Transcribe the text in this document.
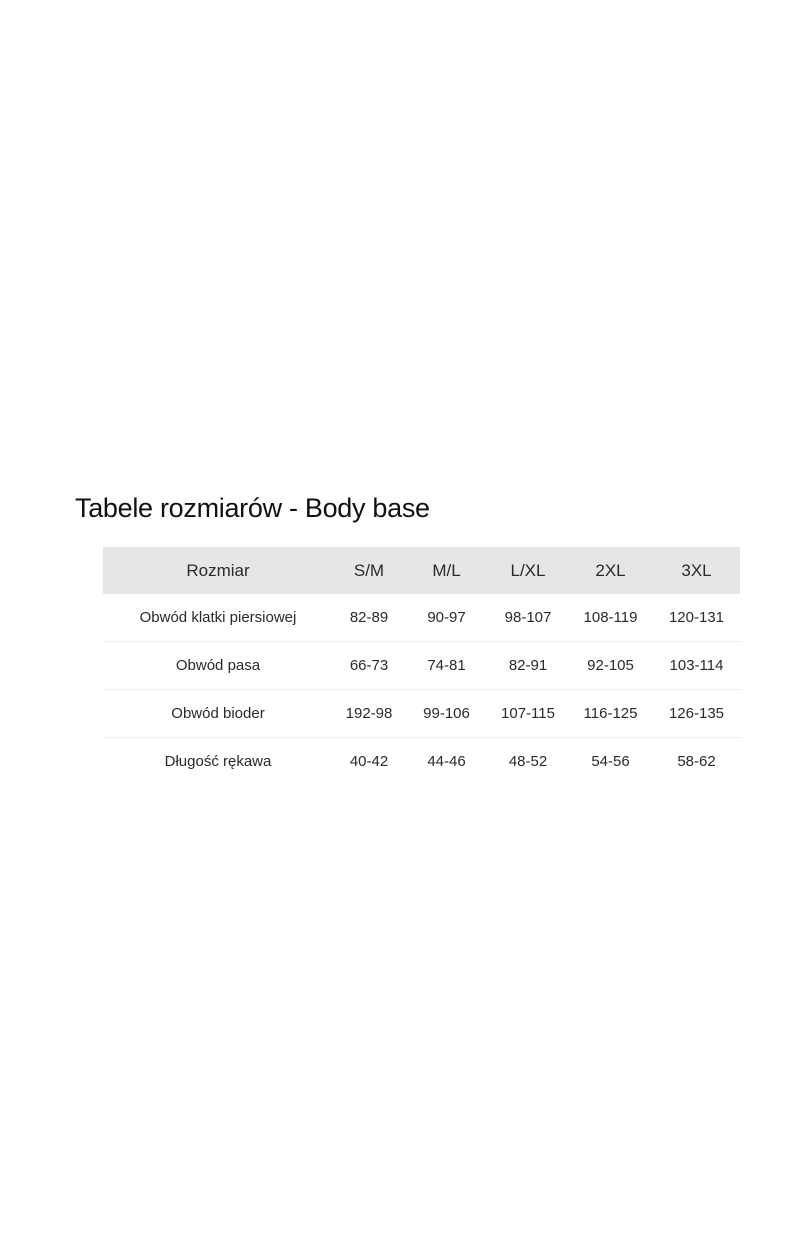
Tabele rozmiarów - Body base
Rozmiar	S/M	M/L	L/XL	2XL	3XL
Obwód klatki piersiowej	82-89	90-97	98-107	108-119	120-131
Obwód pasa	66-73	74-81	82-91	92-105	103-114
Obwód bioder	192-98	99-106	107-115	116-125	126-135
Długość rękawa	40-42	44-46	48-52	54-56	58-62
